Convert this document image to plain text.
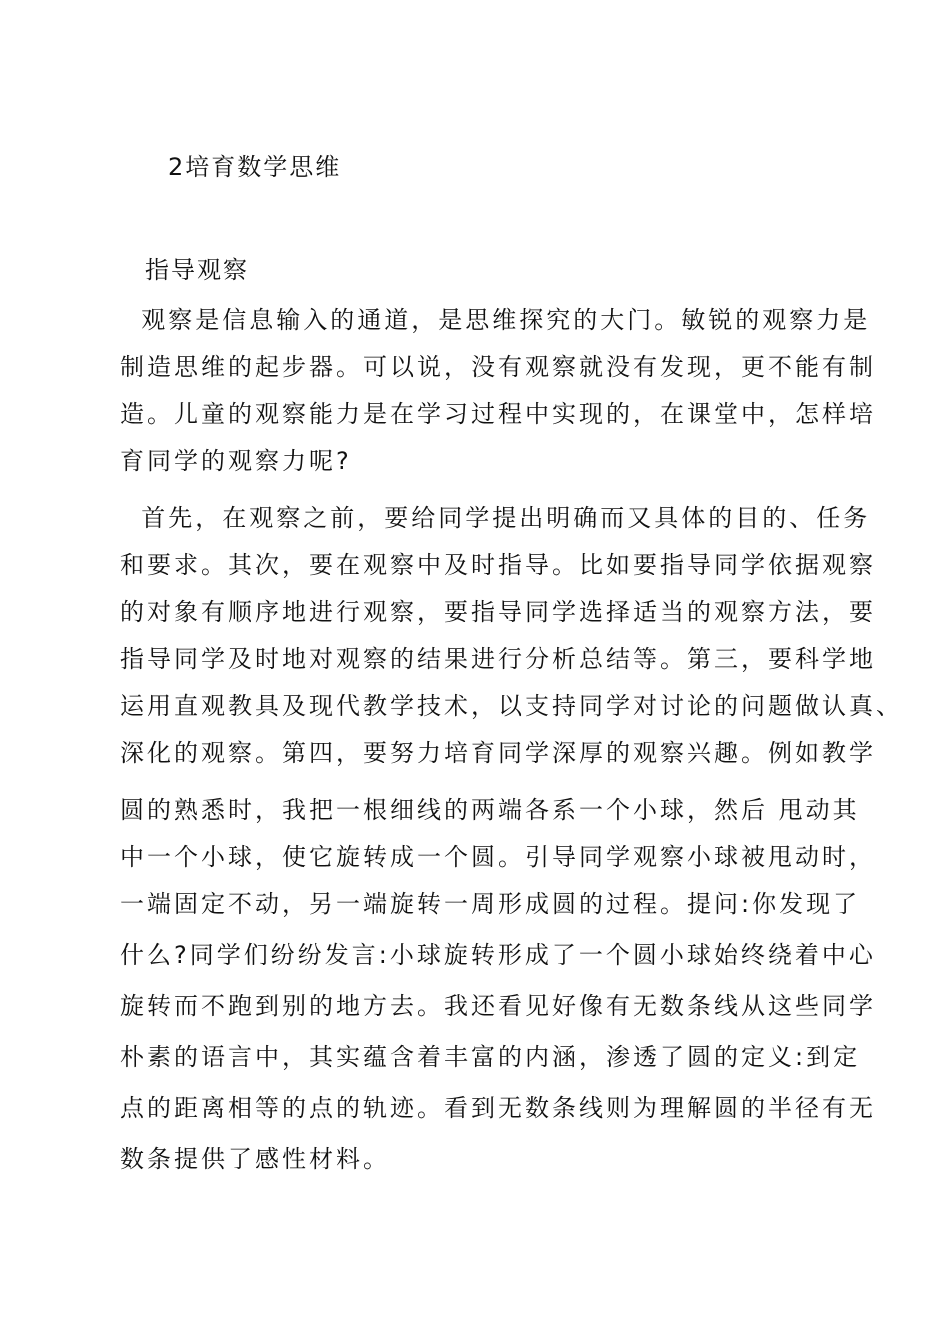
2培育数学思维
指导观察
观察是信息输入的通道，是思维探究的大门。敏锐的观察力是
制造思维的起步器。可以说，没有观察就没有发现，更不能有制
造。儿童的观察能力是在学习过程中实现的，在课堂中，怎样培
育同学的观察力呢?
首先，在观察之前，要给同学提出明确而又具体的目的、任务
和要求。其次，要在观察中及时指导。比如要指导同学依据观察
的对象有顺序地进行观察，要指导同学选择适当的观察方法，要
指导同学及时地对观察的结果进行分析总结等。第三，要科学地
运用直观教具及现代教学技术，以支持同学对讨论的问题做认真、
深化的观察。第四，要努力培育同学深厚的观察兴趣。例如教学
圆的熟悉时，我把一根细线的两端各系一个小球，然后 甩动其
中一个小球，使它旋转成一个圆。引导同学观察小球被甩动时，
一端固定不动，另一端旋转一周形成圆的过程。提问:你发现了
什么?同学们纷纷发言:小球旋转形成了一个圆小球始终绕着中心
旋转而不跑到别的地方去。我还看见好像有无数条线从这些同学
朴素的语言中，其实蕴含着丰富的内涵，渗透了圆的定义:到定
点的距离相等的点的轨迹。看到无数条线则为理解圆的半径有无
数条提供了感性材料。
